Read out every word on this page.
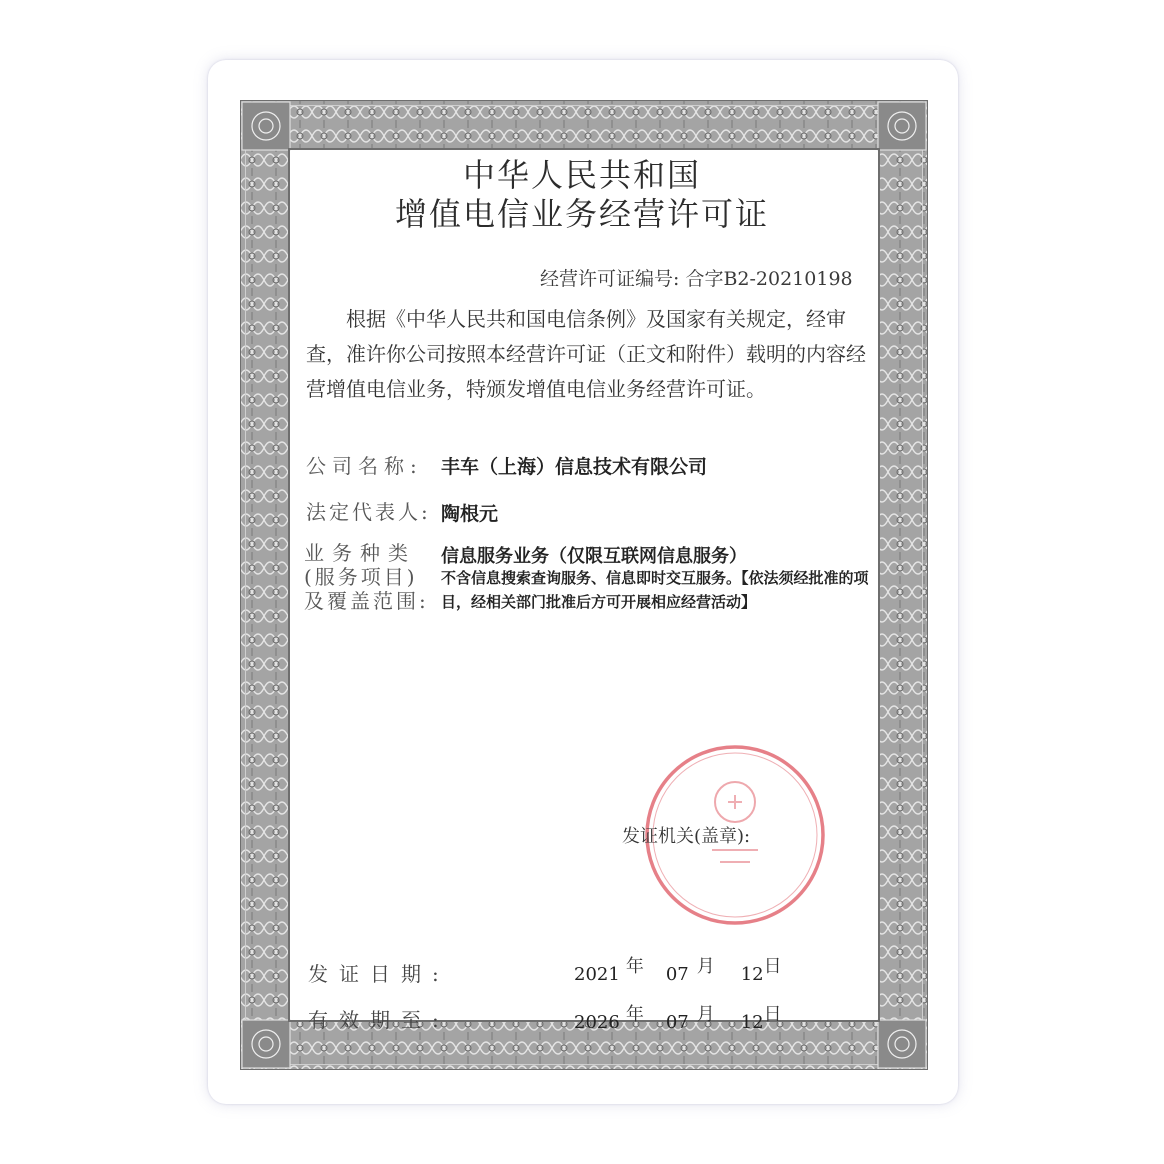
中华人民共和国
增值电信业务经营许可证
经营许可证编号: 合字B2-20210198
根据《中华人民共和国电信条例》及国家有关规定，经审查，准许你公司按照本经营许可证（正文和附件）载明的内容经营增值电信业务，特颁发增值电信业务经营许可证。
公司名称: 丰车（上海）信息技术有限公司
法定代表人: 陶根元
业务种类
(服务项目)
及覆盖范围:
信息服务业务（仅限互联网信息服务）
不含信息搜索查询服务、信息即时交互服务。【依法须经批准的项目，经相关部门批准后方可开展相应经营活动】
发证机关(盖章):
发证日期:	2021 年 07 月 12日
有效期至:	2026 年 07 月 12日
